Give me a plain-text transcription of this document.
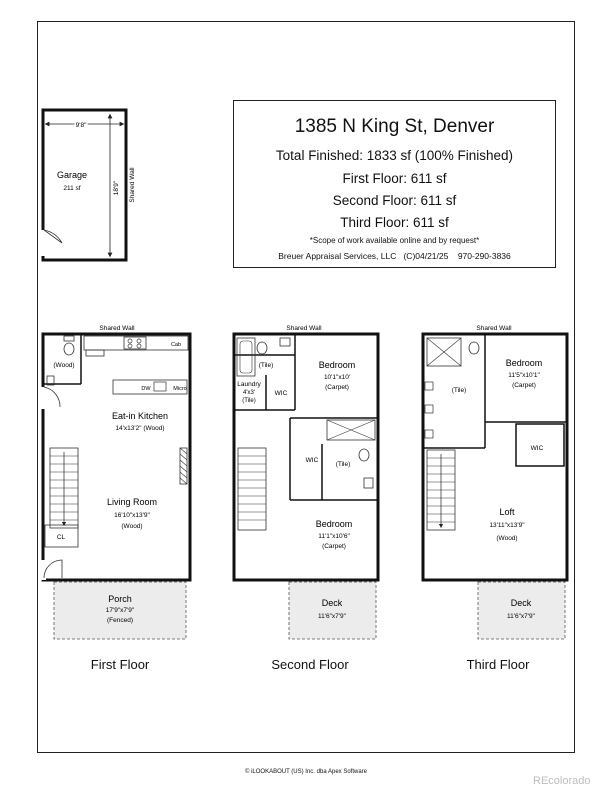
1385 N King St, Denver
Total Finished: 1833 sf (100% Finished)
First Floor: 611 sf
Second Floor: 611 sf
Third Floor: 611 sf
*Scope of work available online and by request*
Breuer Appraisal Services, LLC (C)04/21/25 970-290-3836
9'8"
18'9" Shared Wall
Garage
211 sf
Shared Wall
(Wood)
Cab
DW	Micro
Eat-in Kitchen
14'x13'2" (Wood)
CL
Living Room
16'10"x13'9"
(Wood)
Porch
17'9"x7'9"
(Fenced)
Shared Wall
(Tile)
Laundry
4'x3'
(Tile)
WIC
Bedroom
10'1"x10'
(Carpet)
WIC
(Tile)
Bedroom
11'1"x10'6"
(Carpet)
Deck
11'6"x7'9"
Shared Wall
(Tile)
Bedroom
11'5"x10'1"
(Carpet)
WIC
Loft
13'11"x13'9"
(Wood)
Deck
11'6"x7'9"
First Floor	Second Floor	Third Floor
© iLOOKABOUT (US) Inc. dba Apex Software
REcolorado
